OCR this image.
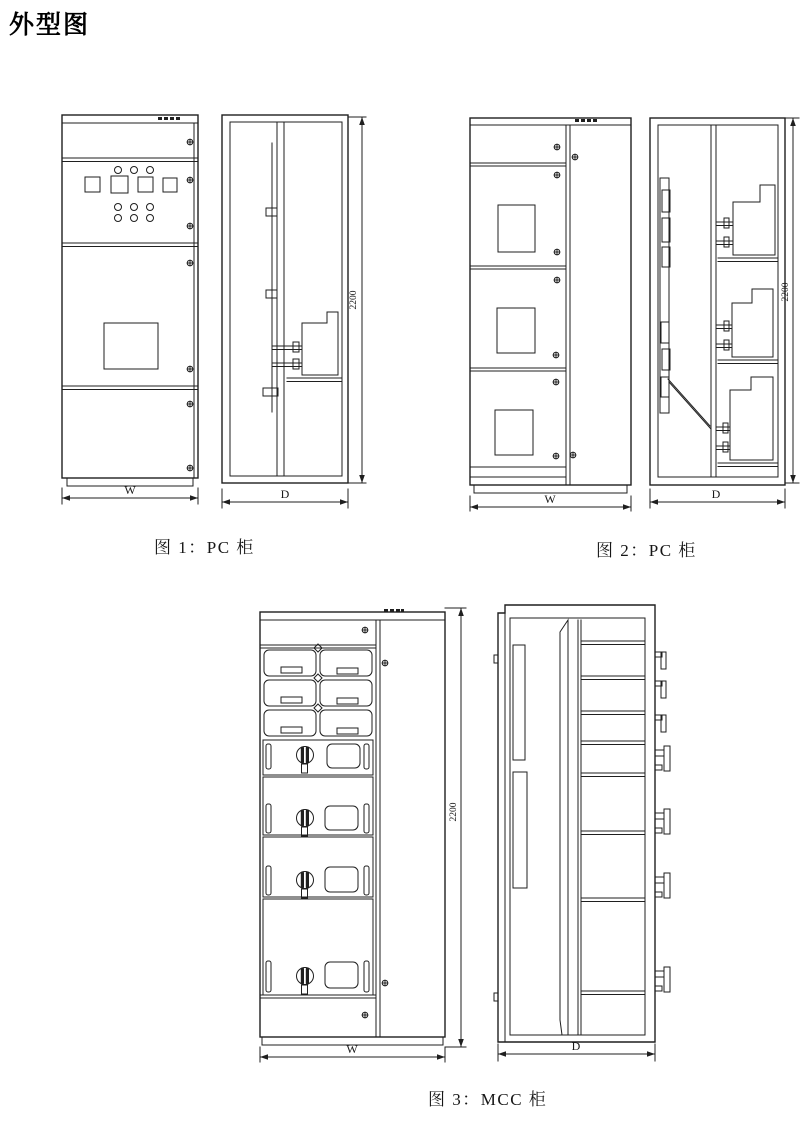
外型图
W
2200
D	W
2200
D
W
2200
D
图 1：PC 柜	图 2：PC 柜
图 3：MCC 柜
